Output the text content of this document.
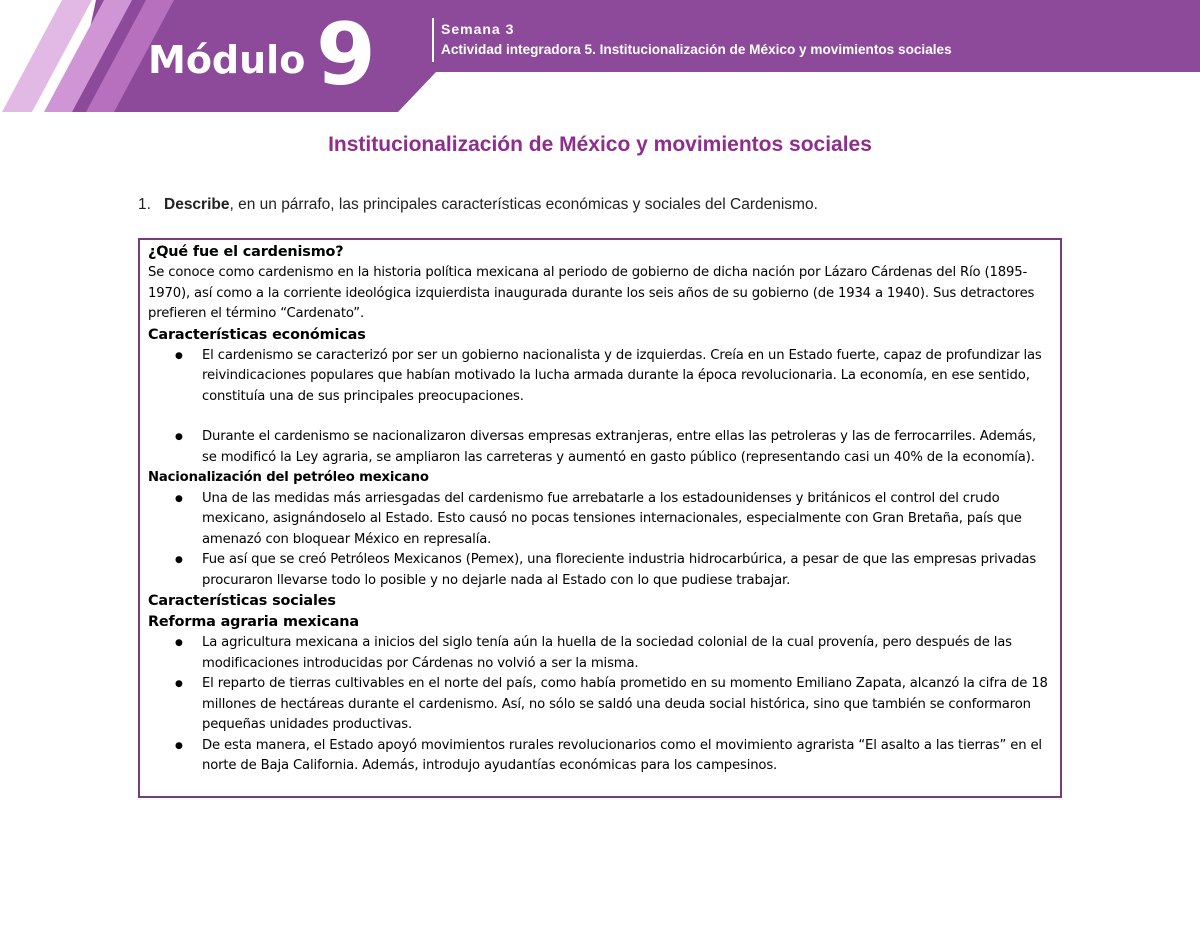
Módulo 9	Semana 3
Actividad integradora 5. Institucionalización de México y movimientos sociales
Institucionalización de México y movimientos sociales
1. Describe, en un párrafo, las principales características económicas y sociales del Cardenismo.
¿Qué fue el cardenismo?
Se conoce como cardenismo en la historia política mexicana al periodo de gobierno de dicha nación por Lázaro Cárdenas del Río (1895-1970), así como a la corriente ideológica izquierdista inaugurada durante los seis años de su gobierno (de 1934 a 1940). Sus detractores prefieren el término “Cardenato”.
Características económicas
● El cardenismo se caracterizó por ser un gobierno nacionalista y de izquierdas. Creía en un Estado fuerte, capaz de profundizar las reivindicaciones populares que habían motivado la lucha armada durante la época revolucionaria. La economía, en ese sentido, constituía una de sus principales preocupaciones.
● Durante el cardenismo se nacionalizaron diversas empresas extranjeras, entre ellas las petroleras y las de ferrocarriles. Además, se modificó la Ley agraria, se ampliaron las carreteras y aumentó en gasto público (representando casi un 40% de la economía).
Nacionalización del petróleo mexicano
● Una de las medidas más arriesgadas del cardenismo fue arrebatarle a los estadounidenses y británicos el control del crudo mexicano, asignándoselo al Estado. Esto causó no pocas tensiones internacionales, especialmente con Gran Bretaña, país que amenazó con bloquear México en represalía.
● Fue así que se creó Petróleos Mexicanos (Pemex), una floreciente industria hidrocarbúrica, a pesar de que las empresas privadas procuraron llevarse todo lo posible y no dejarle nada al Estado con lo que pudiese trabajar.
Características sociales
Reforma agraria mexicana
● La agricultura mexicana a inicios del siglo tenía aún la huella de la sociedad colonial de la cual provenía, pero después de las modificaciones introducidas por Cárdenas no volvió a ser la misma.
● El reparto de tierras cultivables en el norte del país, como había prometido en su momento Emiliano Zapata, alcanzó la cifra de 18 millones de hectáreas durante el cardenismo. Así, no sólo se saldó una deuda social histórica, sino que también se conformaron pequeñas unidades productivas.
● De esta manera, el Estado apoyó movimientos rurales revolucionarios como el movimiento agrarista “El asalto a las tierras” en el norte de Baja California. Además, introdujo ayudantías económicas para los campesinos.
